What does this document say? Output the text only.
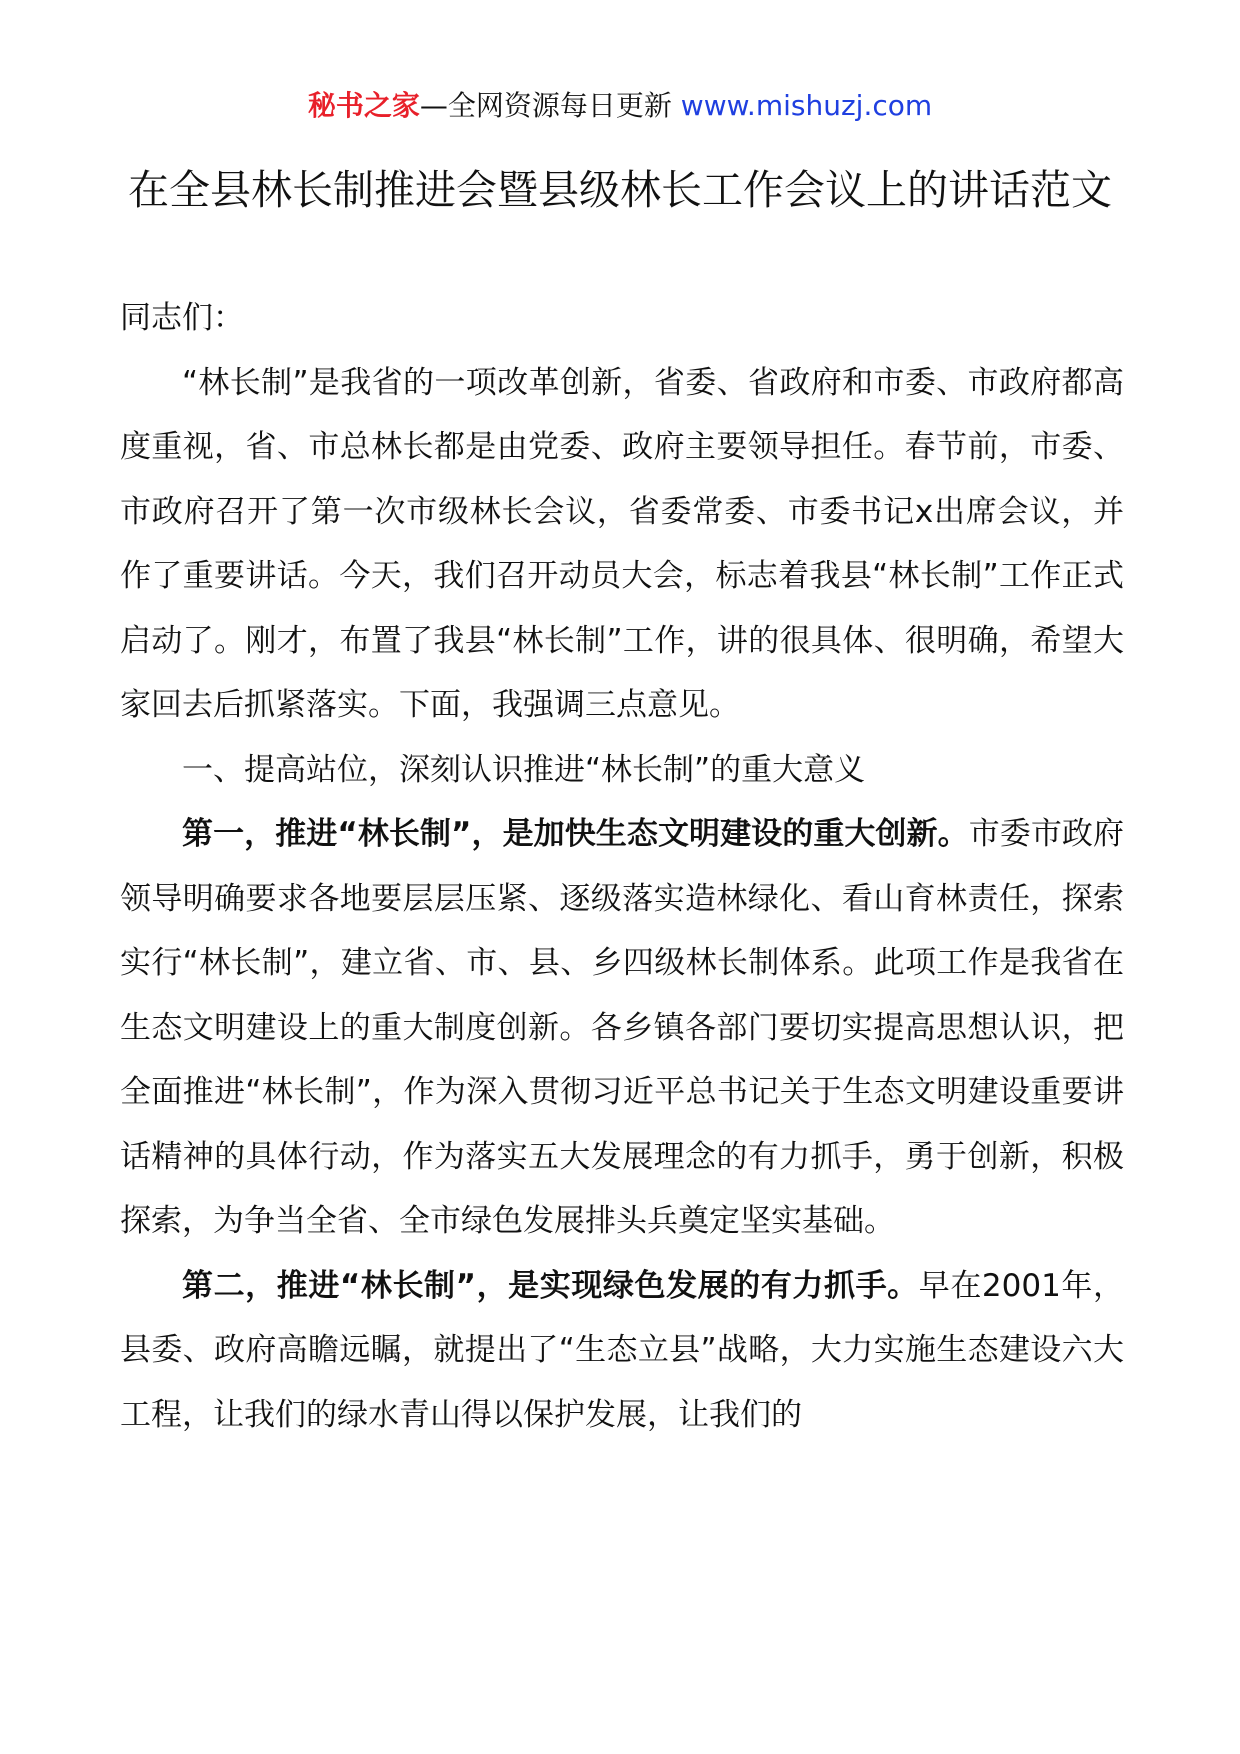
秘书之家—全网资源每日更新 www.mishuzj.com
在全县林长制推进会暨县级林长工作会议上的讲话范文

同志们：

“林长制”是我省的一项改革创新，省委、省政府和市委、市政府都高度重视，省、市总林长都是由党委、政府主要领导担任。春节前，市委、市政府召开了第一次市级林长会议，省委常委、市委书记x出席会议，并作了重要讲话。今天，我们召开动员大会，标志着我县“林长制”工作正式启动了。刚才，布置了我县“林长制”工作，讲的很具体、很明确，希望大家回去后抓紧落实。下面，我强调三点意见。

一、提高站位，深刻认识推进“林长制”的重大意义

第一，推进“林长制”，是加快生态文明建设的重大创新。市委市政府领导明确要求各地要层层压紧、逐级落实造林绿化、看山育林责任，探索实行“林长制”，建立省、市、县、乡四级林长制体系。此项工作是我省在生态文明建设上的重大制度创新。各乡镇各部门要切实提高思想认识，把全面推进“林长制”，作为深入贯彻习近平总书记关于生态文明建设重要讲话精神的具体行动，作为落实五大发展理念的有力抓手，勇于创新，积极探索，为争当全省、全市绿色发展排头兵奠定坚实基础。

第二，推进“林长制”，是实现绿色发展的有力抓手。早在2001年，县委、政府高瞻远瞩，就提出了“生态立县”战略，大力实施生态建设六大工程，让我们的绿水青山得以保护发展，让我们的
